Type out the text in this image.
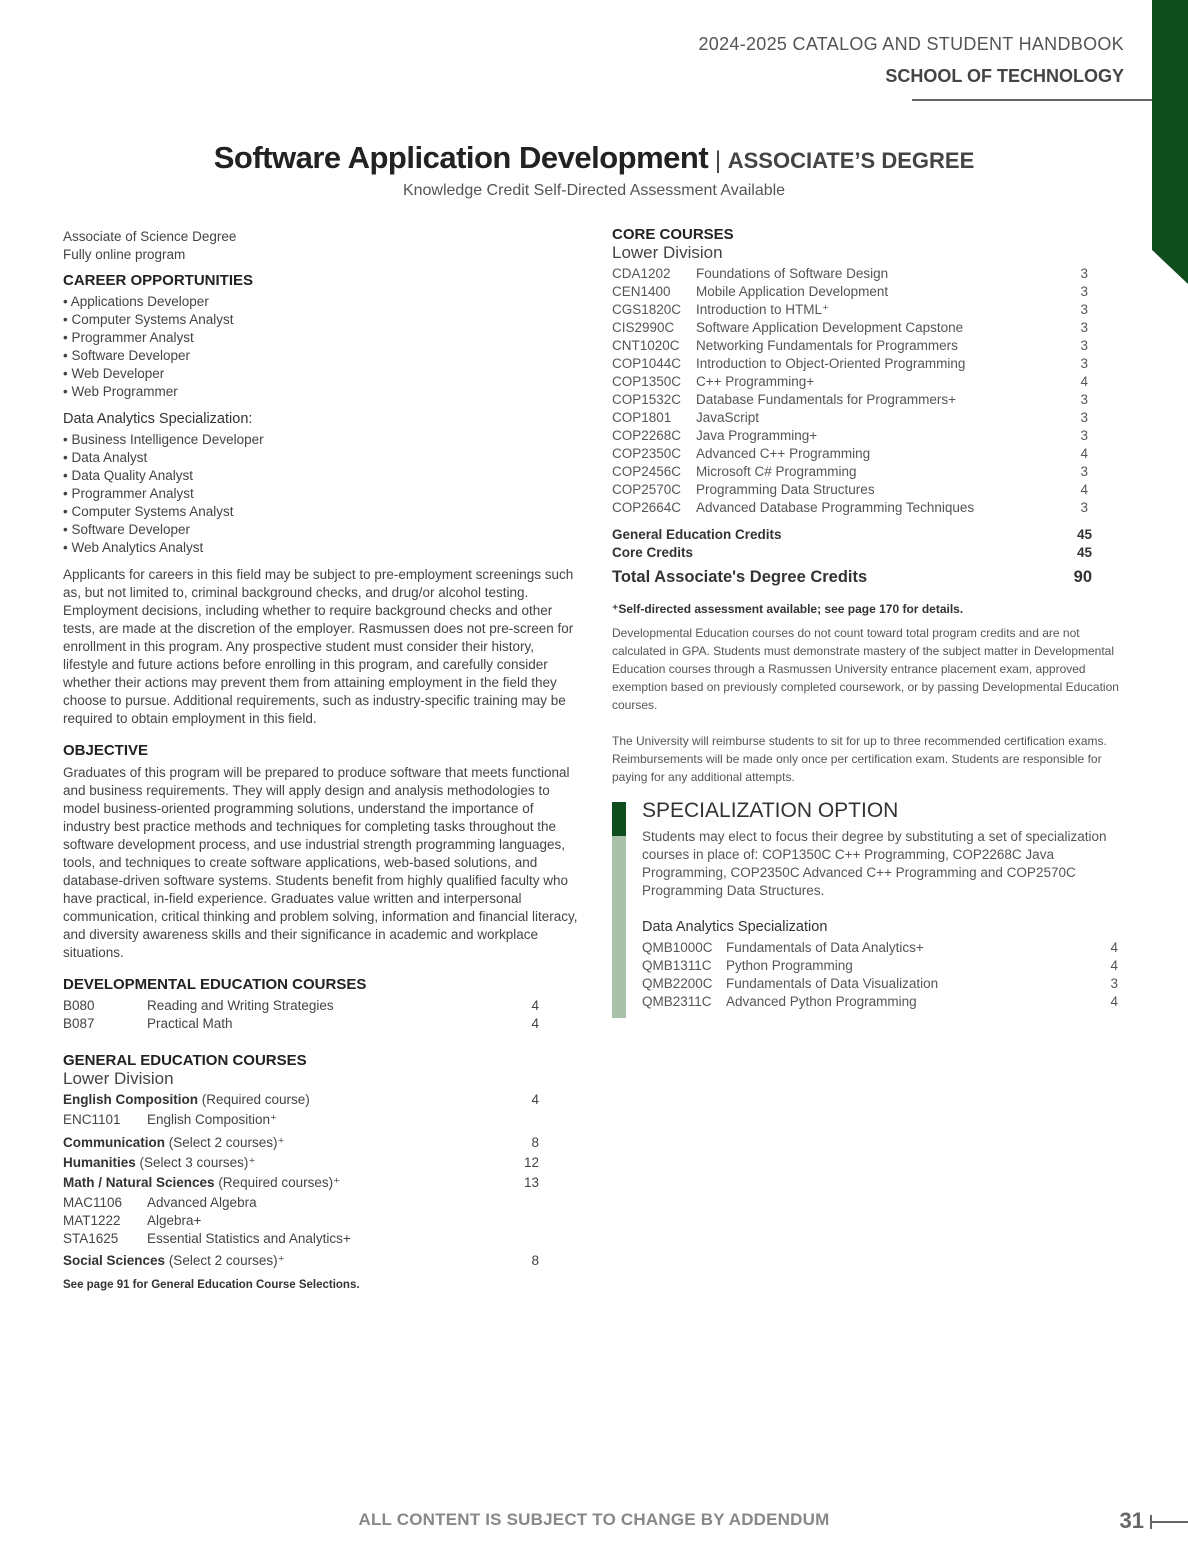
2024-2025 CATALOG AND STUDENT HANDBOOK
SCHOOL OF TECHNOLOGY
Software Application Development | ASSOCIATE’S DEGREE
Knowledge Credit Self-Directed Assessment Available

Associate of Science Degree

Fully online program

CAREER OPPORTUNITIES

• Applications Developer
• Computer Systems Analyst
• Programmer Analyst
• Software Developer
• Web Developer
• Web Programmer

Data Analytics Specialization:

• Business Intelligence Developer
• Data Analyst
• Data Quality Analyst
• Programmer Analyst
• Computer Systems Analyst
• Software Developer
• Web Analytics Analyst

Applicants for careers in this field may be subject to pre-employment screenings such as, but not limited to, criminal background checks, and drug/or alcohol testing. Employment decisions, including whether to require background checks and other tests, are made at the discretion of the employer. Rasmussen does not pre-screen for enrollment in this program. Any prospective student must consider their history, lifestyle and future actions before enrolling in this program, and carefully consider whether their actions may prevent them from attaining employment in the field they choose to pursue. Additional requirements, such as industry-specific training may be required to obtain employment in this field.

OBJECTIVE

Graduates of this program will be prepared to produce software that meets functional and business requirements. They will apply design and analysis methodologies to model business-oriented programming solutions, understand the importance of industry best practice methods and techniques for completing tasks throughout the software development process, and use industrial strength programming languages, tools, and techniques to create software applications, web-based solutions, and database-driven software systems. Students benefit from highly qualified faculty who have practical, in-field experience. Graduates value written and interpersonal communication, critical thinking and problem solving, information and financial literacy, and diversity awareness skills and their significance in academic and workplace situations.

DEVELOPMENTAL EDUCATION COURSES

B080	Reading and Writing Strategies	4
B087	Practical Math	4

GENERAL EDUCATION COURSES

Lower Division

English Composition (Required course)	4
ENC1101	English Composition⁺	
Communication (Select 2 courses)⁺	8
Humanities (Select 3 courses)⁺	12
Math / Natural Sciences (Required courses)⁺	13
MAC1106	Advanced Algebra	
MAT1222	Algebra+	
STA1625	Essential Statistics and Analytics+	
Social Sciences (Select 2 courses)⁺	8

See page 91 for General Education Course Selections.

CORE COURSES

Lower Division

CDA1202	Foundations of Software Design	3
CEN1400	Mobile Application Development	3
CGS1820C	Introduction to HTML⁺	3
CIS2990C	Software Application Development Capstone	3
CNT1020C	Networking Fundamentals for Programmers	3
COP1044C	Introduction to Object-Oriented Programming	3
COP1350C	C++ Programming+	4
COP1532C	Database Fundamentals for Programmers+	3
COP1801	JavaScript	3
COP2268C	Java Programming+	3
COP2350C	Advanced C++ Programming	4
COP2456C	Microsoft C# Programming	3
COP2570C	Programming Data Structures	4
COP2664C	Advanced Database Programming Techniques	3
General Education Credits	45
Core Credits	45
Total Associate's Degree Credits	90

⁺Self-directed assessment available; see page 170 for details.

Developmental Education courses do not count toward total program credits and are not calculated in GPA. Students must demonstrate mastery of the subject matter in Developmental Education courses through a Rasmussen University entrance placement exam, approved exemption based on previously completed coursework, or by passing Developmental Education courses.

The University will reimburse students to sit for up to three recommended certification exams. Reimbursements will be made only once per certification exam. Students are responsible for paying for any additional attempts.

SPECIALIZATION OPTION

Students may elect to focus their degree by substituting a set of specialization courses in place of: COP1350C C++ Programming, COP2268C Java Programming, COP2350C Advanced C++ Programming and COP2570C Programming Data Structures.

Data Analytics Specialization

QMB1000C	Fundamentals of Data Analytics+	4
QMB1311C	Python Programming	4
QMB2200C	Fundamentals of Data Visualization	3
QMB2311C	Advanced Python Programming	4
ALL CONTENT IS SUBJECT TO CHANGE BY ADDENDUM	31
